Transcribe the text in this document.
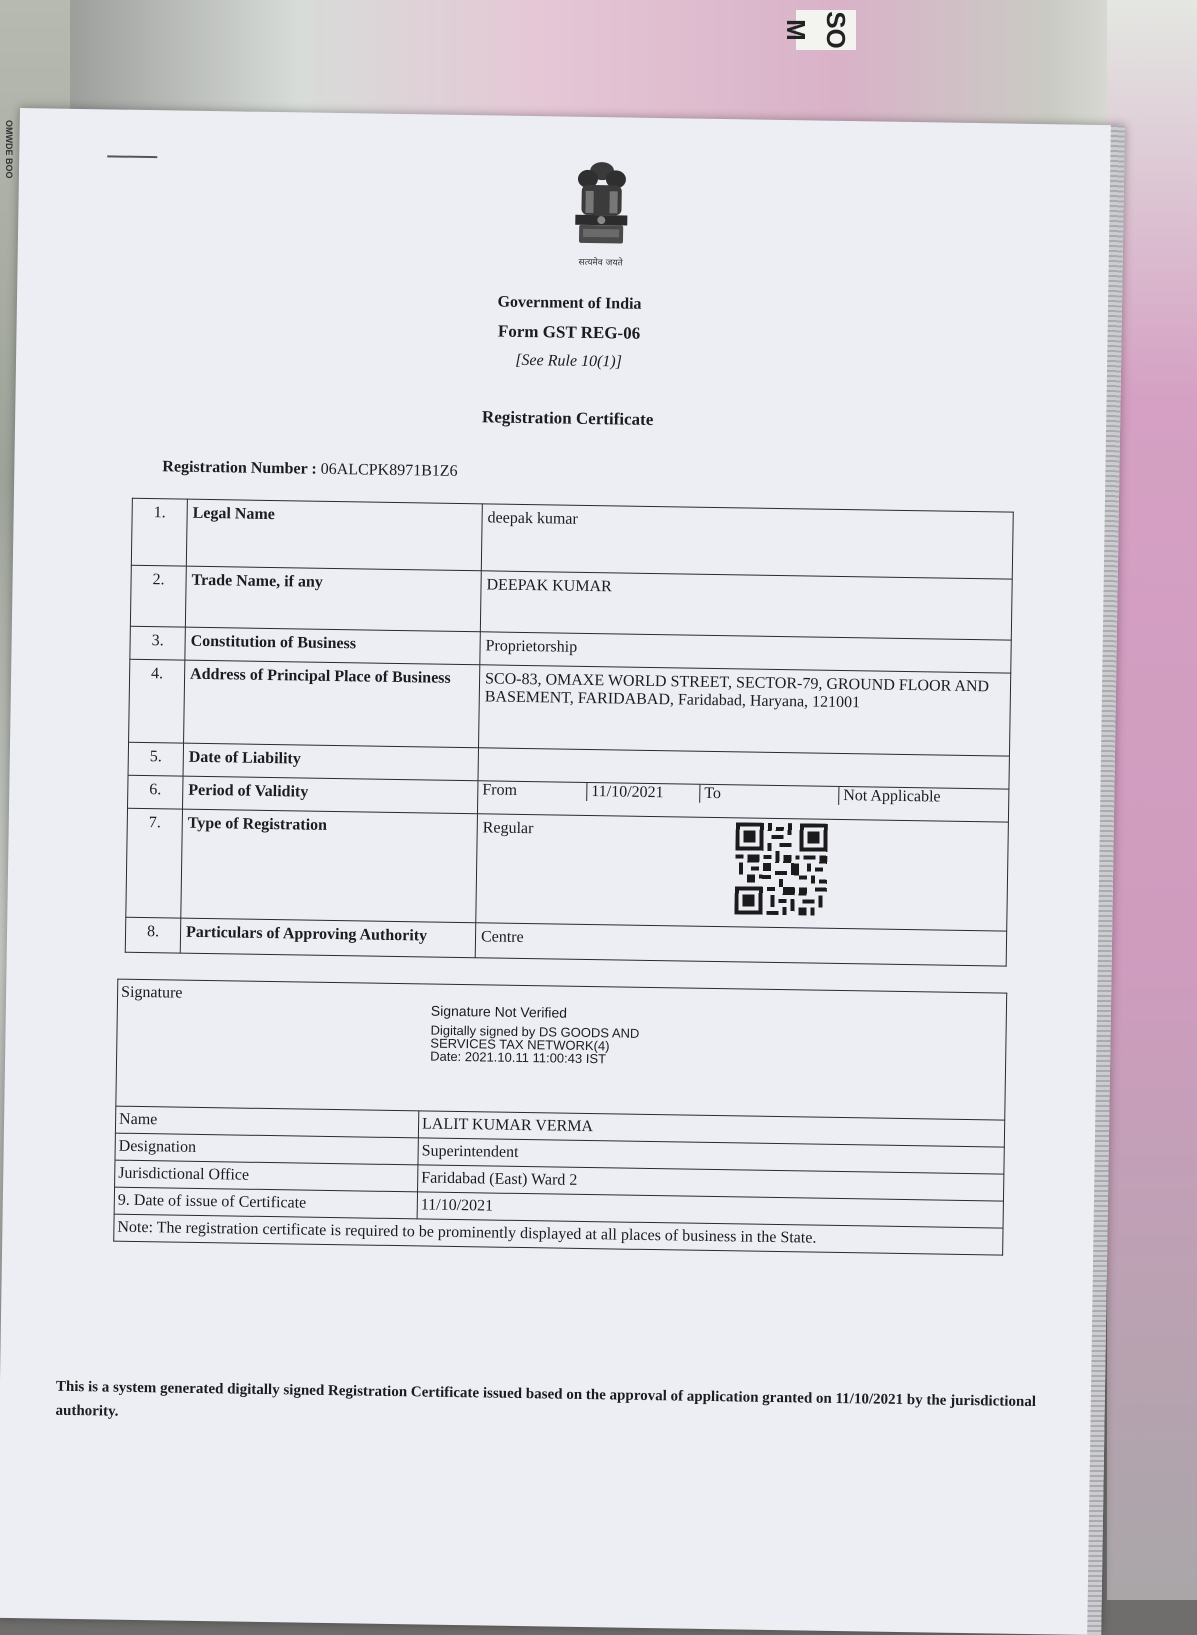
SO M
OMWDE BOO
सत्यमेव जयते
Government of India
Form GST REG-06
[See Rule 10(1)]
Registration Certificate
Registration Number : 06ALCPK8971B1Z6
1.	Legal Name	deepak kumar
2.	Trade Name, if any	DEEPAK KUMAR
3.	Constitution of Business	Proprietorship
4.	Address of Principal Place of Business	SCO-83, OMAXE WORLD STREET, SECTOR-79, GROUND FLOOR AND BASEMENT, FARIDABAD, Faridabad, Haryana, 121001
5.	Date of Liability	
6.	Period of Validity	From 11/10/2021 To Not Applicable

7.	Type of Registration	Regular

8.	Particulars of Approving Authority	Centre
Signature
Signature Not Verified
Digitally signed by DS GOODS AND
SERVICES TAX NETWORK(4)
Date: 2021.10.11 11:00:43 IST	

Name	LALIT KUMAR VERMA
Designation	Superintendent
Jurisdictional Office	Faridabad (East) Ward 2
9. Date of issue of Certificate	11/10/2021
Note: The registration certificate is required to be prominently displayed at all places of business in the State.	
This is a system generated digitally signed Registration Certificate issued based on the approval of application granted on 11/10/2021 by the jurisdictional authority.
